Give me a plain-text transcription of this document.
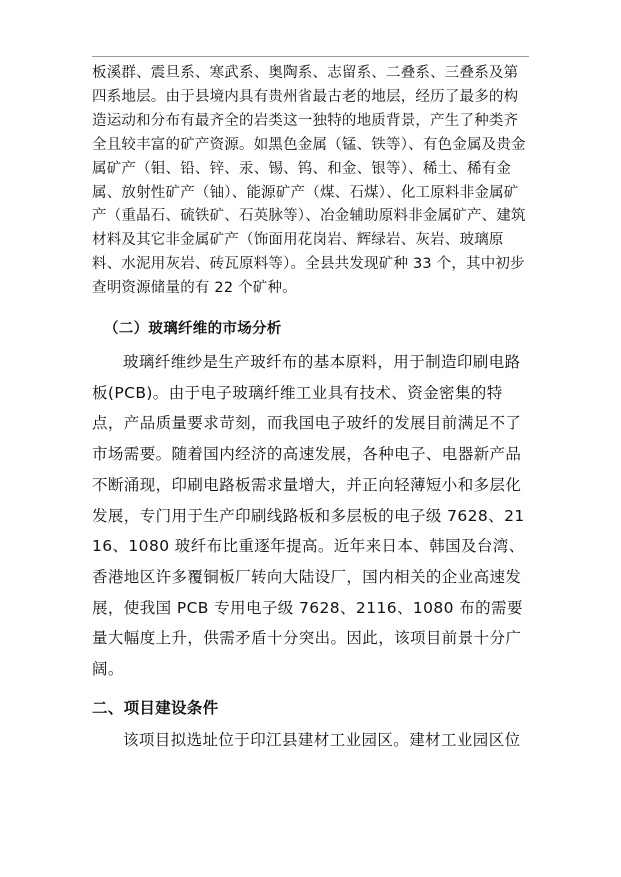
板溪群、震旦系、寒武系、奥陶系、志留系、二叠系、三叠系及第四系地层。由于县境内具有贵州省最古老的地层，经历了最多的构造运动和分布有最齐全的岩类这一独特的地质背景，产生了种类齐全且较丰富的矿产资源。如黑色金属（锰、铁等）、有色金属及贵金属矿产（钼、铅、锌、汞、锡、钨、和金、银等）、稀土、稀有金属、放射性矿产（铀）、能源矿产（煤、石煤）、化工原料非金属矿产（重晶石、硫铁矿、石英脉等）、冶金辅助原料非金属矿产、建筑材料及其它非金属矿产（饰面用花岗岩、辉绿岩、灰岩、玻璃原料、水泥用灰岩、砖瓦原料等）。全县共发现矿种 33 个，其中初步查明资源储量的有 22 个矿种。

（二）玻璃纤维的市场分析

玻璃纤维纱是生产玻纤布的基本原料，用于制造印刷电路板(PCB)。由于电子玻璃纤维工业具有技术、资金密集的特点，产品质量要求苛刻，而我国电子玻纤的发展目前满足不了市场需要。随着国内经济的高速发展，各种电子、电器新产品不断涌现，印刷电路板需求量增大，并正向轻薄短小和多层化发展，专门用于生产印刷线路板和多层板的电子级 7628、2116、1080 玻纤布比重逐年提高。近年来日本、韩国及台湾、香港地区许多覆铜板厂转向大陆设厂，国内相关的企业高速发展，使我国 PCB 专用电子级 7628、2116、1080 布的需要量大幅度上升，供需矛盾十分突出。因此，该项目前景十分广阔。

二、项目建设条件

该项目拟选址位于印江县建材工业园区。建材工业园区位
